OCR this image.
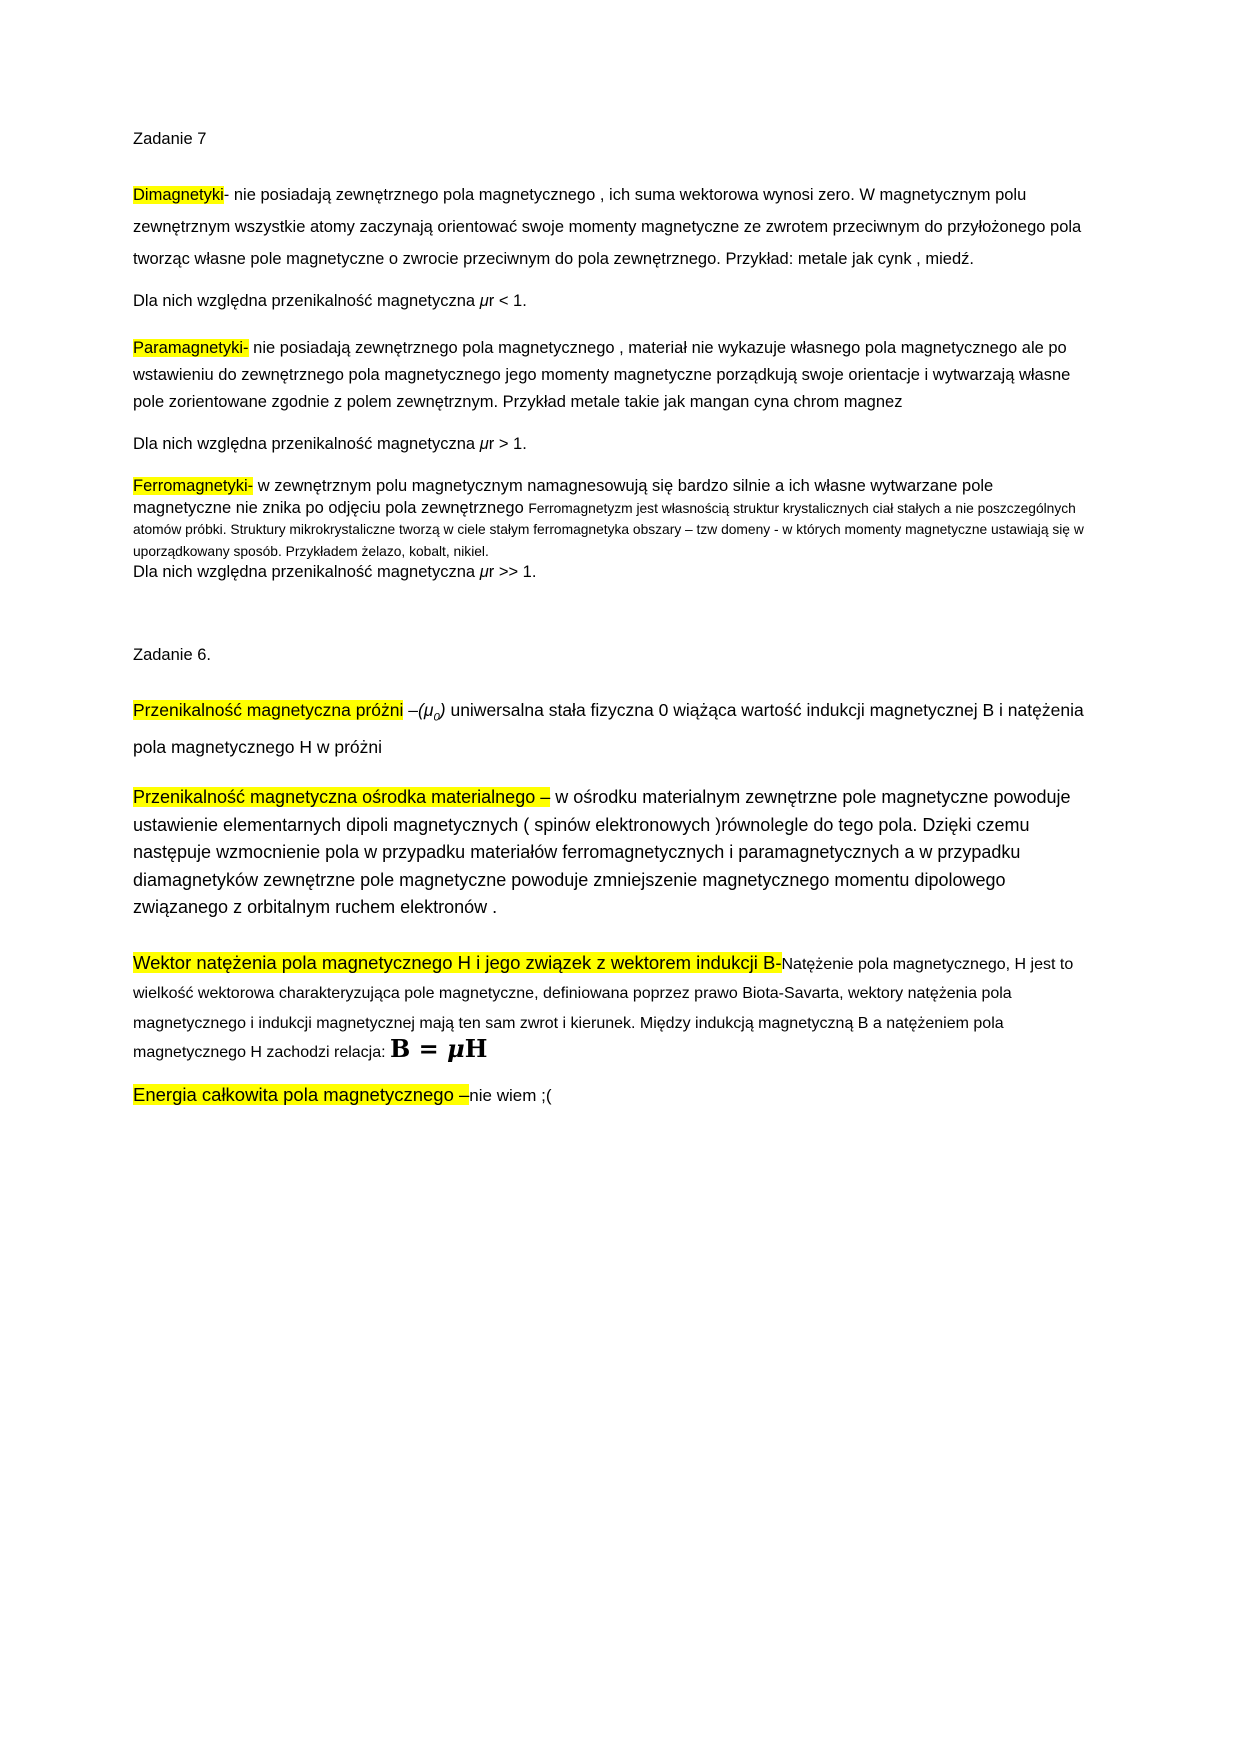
Zadanie 7

Dimagnetyki- nie posiadają zewnętrznego pola magnetycznego , ich suma wektorowa wynosi zero. W magnetycznym polu zewnętrznym wszystkie atomy zaczynają orientować swoje momenty magnetyczne ze zwrotem przeciwnym do przyłożonego pola tworząc własne pole magnetyczne o zwrocie przeciwnym do pola zewnętrznego. Przykład: metale jak cynk , miedź.

Dla nich względna przenikalność magnetyczna μr < 1.

Paramagnetyki- nie posiadają zewnętrznego pola magnetycznego , materiał nie wykazuje własnego pola magnetycznego ale po wstawieniu do zewnętrznego pola magnetycznego jego momenty magnetyczne porządkują swoje orientacje i wytwarzają własne pole zorientowane zgodnie z polem zewnętrznym. Przykład metale takie jak mangan cyna chrom magnez

Dla nich względna przenikalność magnetyczna μr > 1.

Ferromagnetyki- w zewnętrznym polu magnetycznym namagnesowują się bardzo silnie a ich własne wytwarzane pole magnetyczne nie znika po odjęciu pola zewnętrznego Ferromagnetyzm jest własnością struktur krystalicznych ciał stałych a nie poszczególnych atomów próbki. Struktury mikrokrystaliczne tworzą w ciele stałym ferromagnetyka obszary – tzw domeny - w których momenty magnetyczne ustawiają się w uporządkowany sposób. Przykładem żelazo, kobalt, nikiel.
Dla nich względna przenikalność magnetyczna μr >> 1.

Zadanie 6.

Przenikalność magnetyczna próżni $-(\mu_0)$ uniwersalna stała fizyczna 0 wiążąca wartość indukcji magnetycznej B i natężenia pola magnetycznego H w próżni

Przenikalność magnetyczna ośrodka materialnego – w ośrodku materialnym zewnętrzne pole magnetyczne powoduje ustawienie elementarnych dipoli magnetycznych ( spinów elektronowych )równolegle do tego pola. Dzięki czemu następuje wzmocnienie pola w przypadku materiałów ferromagnetycznych i paramagnetycznych a w przypadku diamagnetyków zewnętrzne pole magnetyczne powoduje zmniejszenie magnetycznego momentu dipolowego związanego z orbitalnym ruchem elektronów .

Wektor natężenia pola magnetycznego H i jego związek z wektorem indukcji B-Natężenie pola magnetycznego, H jest to wielkość wektorowa charakteryzująca pole magnetyczne, definiowana poprzez prawo Biota-Savarta, wektory natężenia pola magnetycznego i indukcji magnetycznej mają ten sam zwrot i kierunek. Między indukcją magnetyczną B a natężeniem pola magnetycznego H zachodzi relacja: B = μH

Energia całkowita pola magnetycznego –nie wiem ;(
